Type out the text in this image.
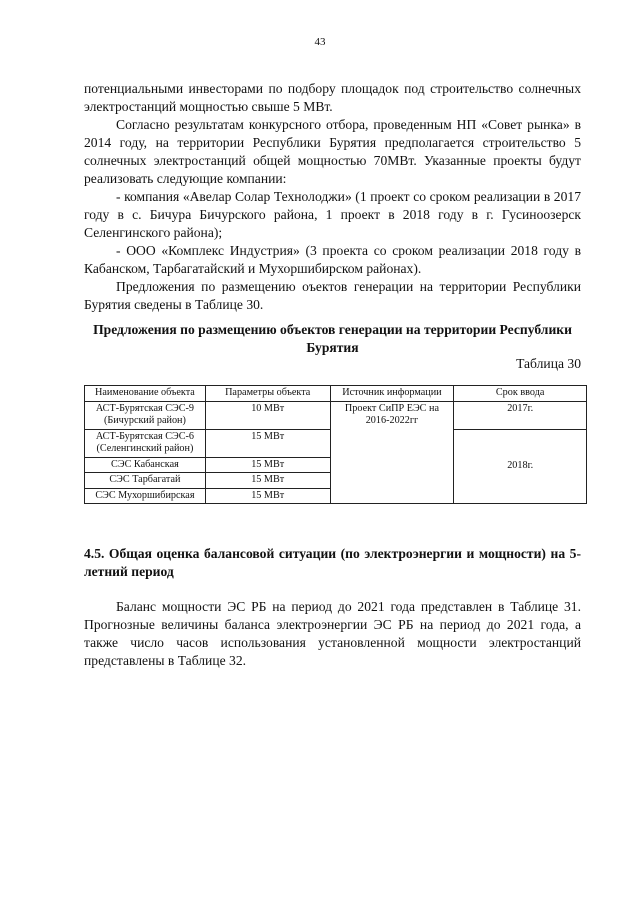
43

потенциальными инвесторами по подбору площадок под строительство солнечных электростанций мощностью свыше 5 МВт.

Согласно результатам конкурсного отбора, проведенным НП «Совет рынка» в 2014 году, на территории Республики Бурятия предполагается строительство 5 солнечных электростанций общей мощностью 70МВт. Указанные проекты будут реализовать следующие компании:

- компания «Авелар Солар Технолоджи» (1 проект со сроком реализации в 2017 году в с. Бичура Бичурского района, 1 проект в 2018 году в г. Гусиноозерск Селенгинского района);

- ООО «Комплекс Индустрия» (3 проекта со сроком реализации 2018 году в Кабанском, Тарбагатайский и Мухоршибирском районах).

Предложения по размещению оъектов генерации на территории Республики Бурятия сведены в Таблице 30.

Предложения по размещению объектов генерации на территории Республики Бурятия
Таблица 30
Наименование объекта	Параметры объекта	Источник информации	Срок ввода
АСТ-Бурятская СЭС-9 (Бичурский район)	10 МВт	Проект СиПР ЕЭС на 2016-2022гг	2017г.
АСТ-Бурятская СЭС-6 (Селенгинский район)	15 МВт		2018г.
СЭС Кабанская	15 МВт		
СЭС Тарбагатай	15 МВт		
СЭС Мухоршибирская	15 МВт		
4.5. Общая оценка балансовой ситуации (по электроэнергии и мощности) на 5-летний период

Баланс мощности ЭС РБ на период до 2021 года представлен в Таблице 31. Прогнозные величины баланса электроэнергии ЭС РБ на период до 2021 года, а также число часов использования установленной мощности электростанций представлены в Таблице 32.
